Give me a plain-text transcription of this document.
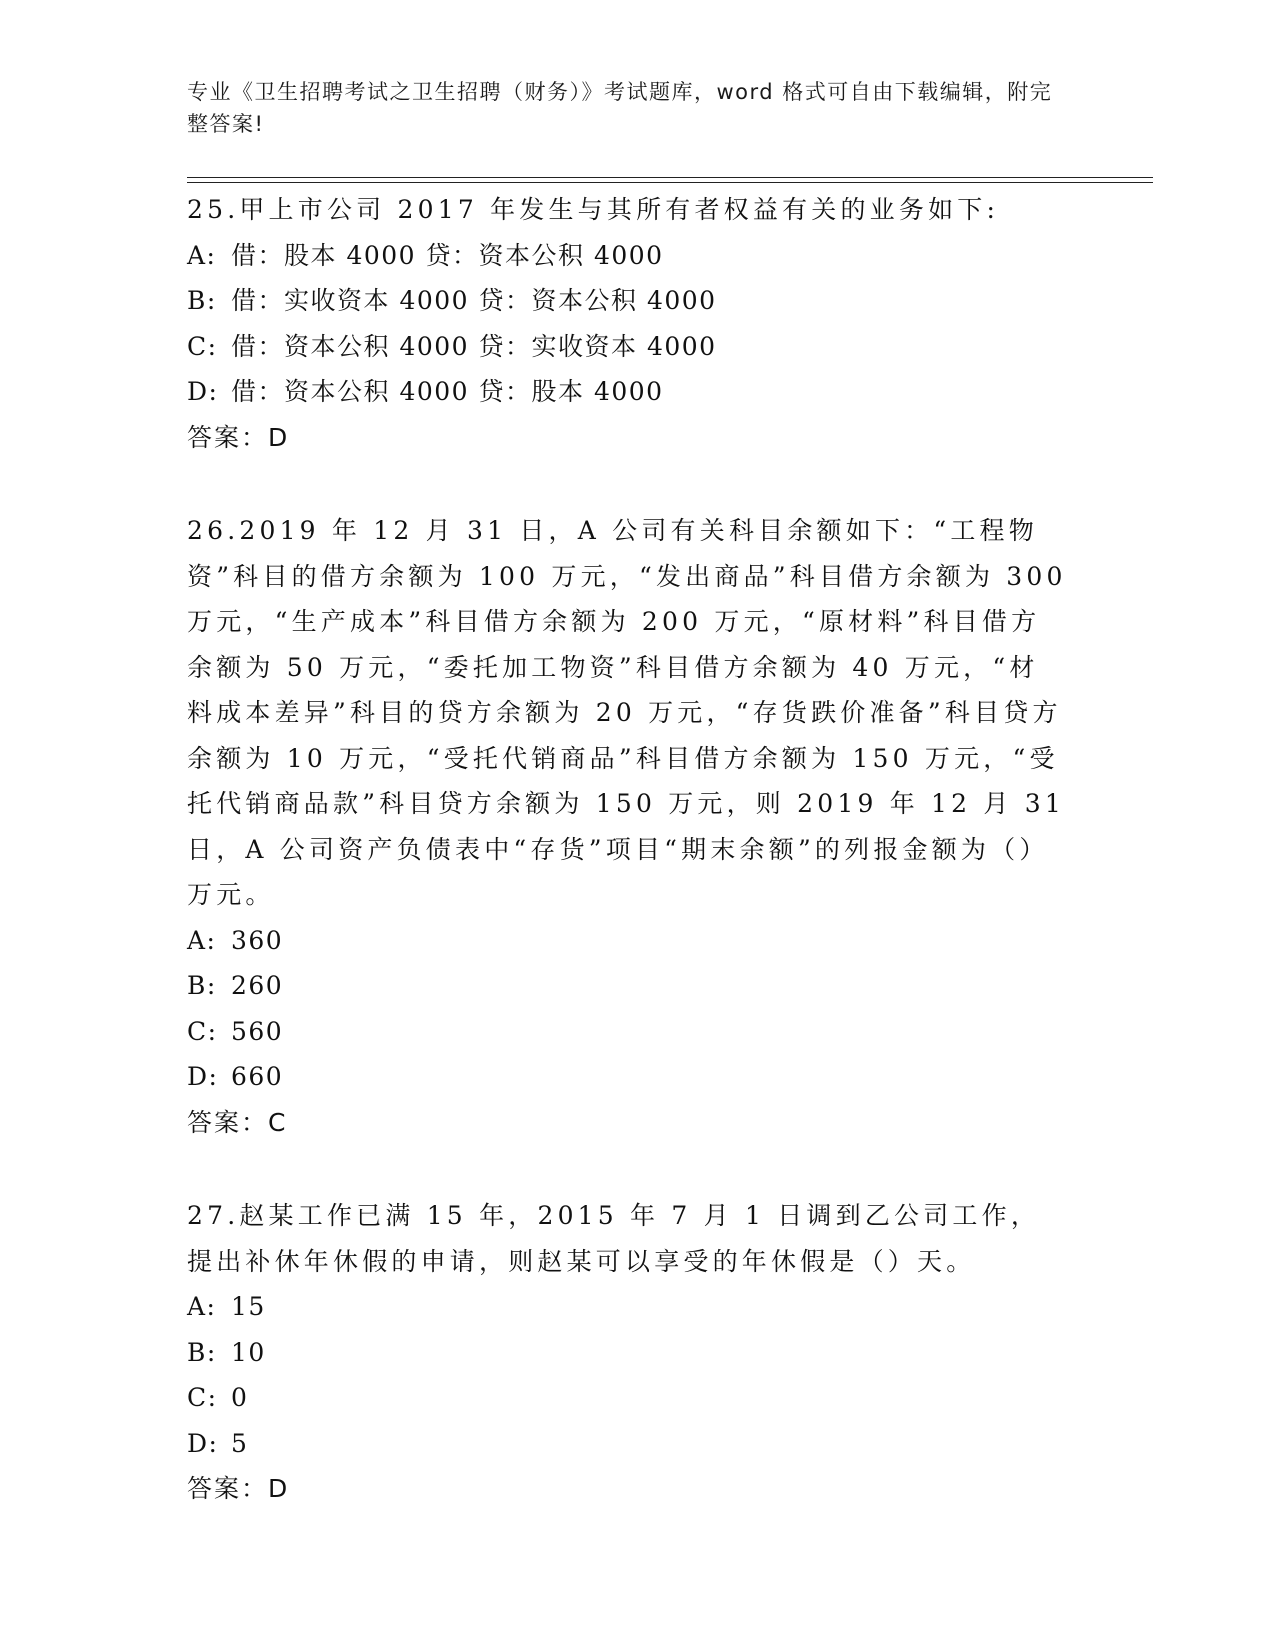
专业《卫生招聘考试之卫生招聘（财务）》考试题库，word 格式可自由下载编辑，附完整答案!

25.甲上市公司 2017 年发生与其所有者权益有关的业务如下:

A: 借：股本 4000 贷：资本公积 4000

B: 借：实收资本 4000 贷：资本公积 4000

C: 借：资本公积 4000 贷：实收资本 4000

D: 借：资本公积 4000 贷：股本 4000

答案：D

26.2019 年 12 月 31 日，A 公司有关科目余额如下：“工程物资”科目的借方余额为 100 万元，“发出商品”科目借方余额为 300 万元，“生产成本”科目借方余额为 200 万元，“原材料”科目借方余额为 50 万元，“委托加工物资”科目借方余额为 40 万元，“材料成本差异”科目的贷方余额为 20 万元，“存货跌价准备”科目贷方余额为 10 万元，“受托代销商品”科目借方余额为 150 万元，“受托代销商品款”科目贷方余额为 150 万元，则 2019 年 12 月 31 日，A 公司资产负债表中“存货”项目“期末余额”的列报金额为（）万元。

A: 360

B: 260

C: 560

D: 660

答案：C

27.赵某工作已满 15 年，2015 年 7 月 1 日调到乙公司工作，提出补休年休假的申请，则赵某可以享受的年休假是（）天。

A: 15

B: 10

C: 0

D: 5

答案：D
